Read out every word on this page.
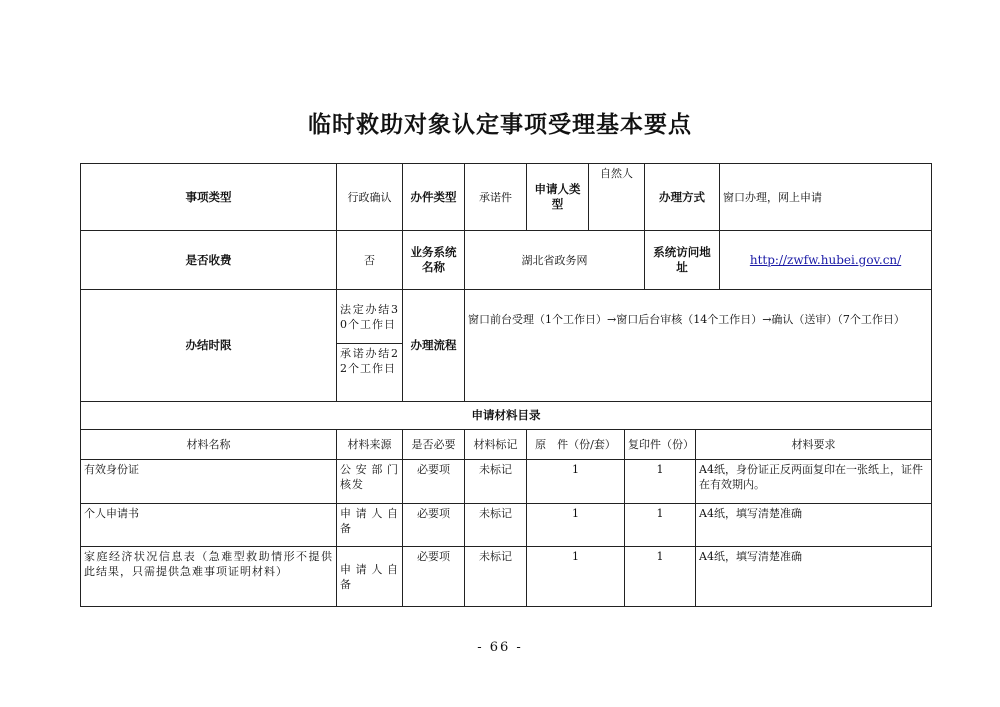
临时救助对象认定事项受理基本要点
事项类型	行政确认	办件类型	承诺件	申请人类型	自然人		办理方式		窗口办理，网上申请
是否收费	否	业务系统名称	湖北省政务网				系统访问地址		http://zwfw.hubei.gov.cn/
办结时限	法定办结30个工作日	办理流程	窗口前台受理（1个工作日）→窗口后台审核（14个工作日）→确认（送审）（7个工作日）						
	承诺办结22个工作日								
申请材料目录									
材料名称	材料来源	是否必要	材料标记	原　件（份/套）		复印件（份）		材料要求	
有效身份证	公安部门核发	必要项	未标记	1		1		A4纸，身份证正反两面复印在一张纸上，证件在有效期内。	
个人申请书	申请人自备	必要项	未标记	1		1		A4纸，填写清楚准确	
家庭经济状况信息表（急难型救助情形不提供此结果，只需提供急难事项证明材料）	申请人自备	必要项	未标记	1		1		A4纸，填写清楚准确	
- 66 -
